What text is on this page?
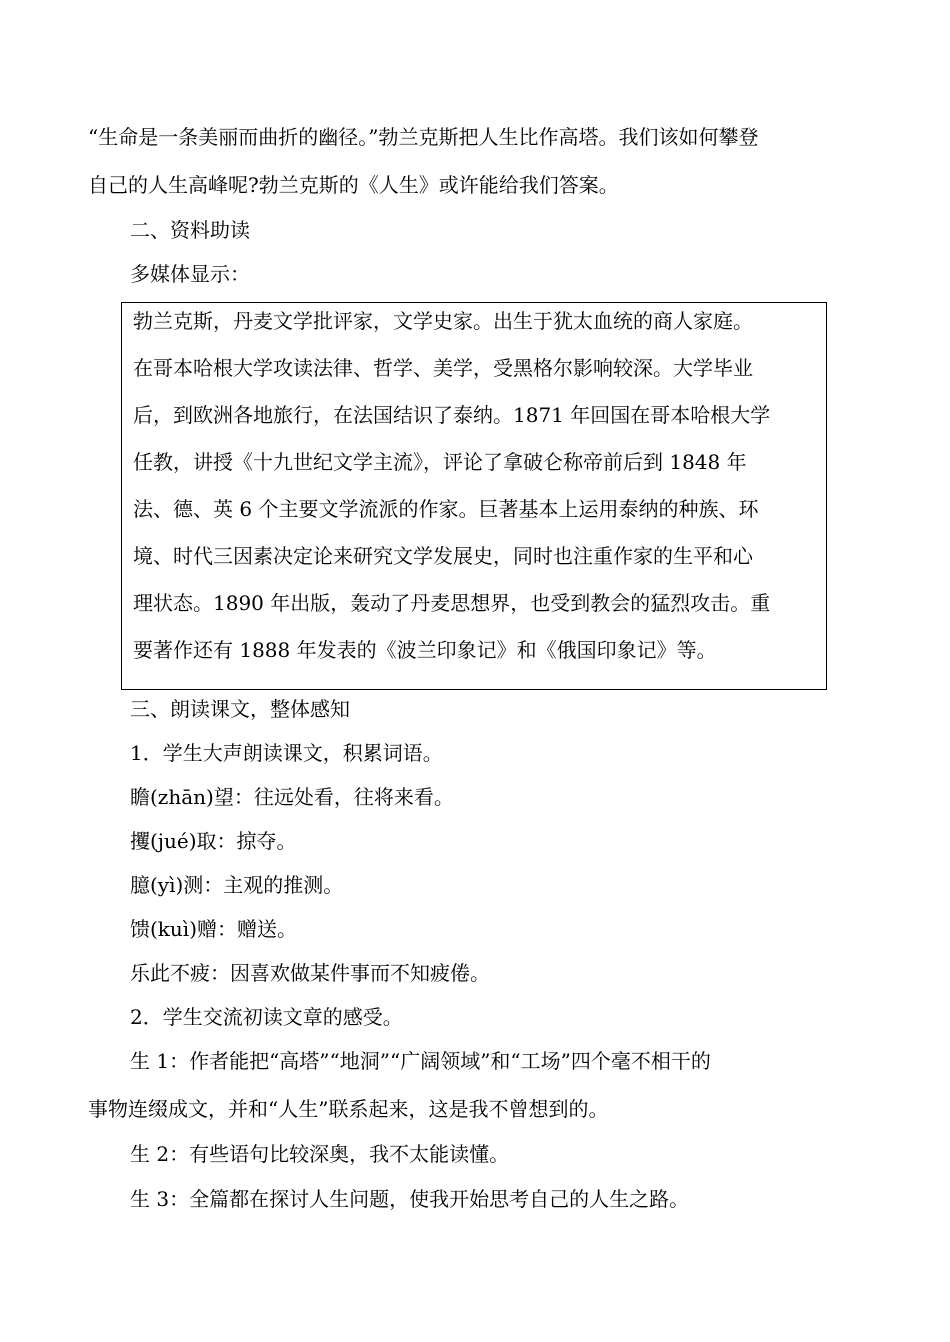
“生命是一条美丽而曲折的幽径。”勃兰克斯把人生比作高塔。我们该如何攀登

自己的人生高峰呢?勃兰克斯的《人生》或许能给我们答案。

二、资料助读

多媒体显示：

勃兰克斯，丹麦文学批评家，文学史家。出生于犹太血统的商人家庭。

在哥本哈根大学攻读法律、哲学、美学，受黑格尔影响较深。大学毕业

后，到欧洲各地旅行，在法国结识了泰纳。1871 年回国在哥本哈根大学

任教，讲授《十九世纪文学主流》，评论了拿破仑称帝前后到 1848 年

法、德、英 6 个主要文学流派的作家。巨著基本上运用泰纳的种族、环

境、时代三因素决定论来研究文学发展史，同时也注重作家的生平和心

理状态。1890 年出版，轰动了丹麦思想界，也受到教会的猛烈攻击。重

要著作还有 1888 年发表的《波兰印象记》和《俄国印象记》等。

三、朗读课文，整体感知

1．学生大声朗读课文，积累词语。

瞻(zhān)望：往远处看，往将来看。

攫(jué)取：掠夺。

臆(yì)测：主观的推测。

馈(kuì)赠：赠送。

乐此不疲：因喜欢做某件事而不知疲倦。

2．学生交流初读文章的感受。

生 1：作者能把“高塔”“地洞”“广阔领域”和“工场”四个毫不相干的

事物连缀成文，并和“人生”联系起来，这是我不曾想到的。

生 2：有些语句比较深奥，我不太能读懂。

生 3：全篇都在探讨人生问题，使我开始思考自己的人生之路。
